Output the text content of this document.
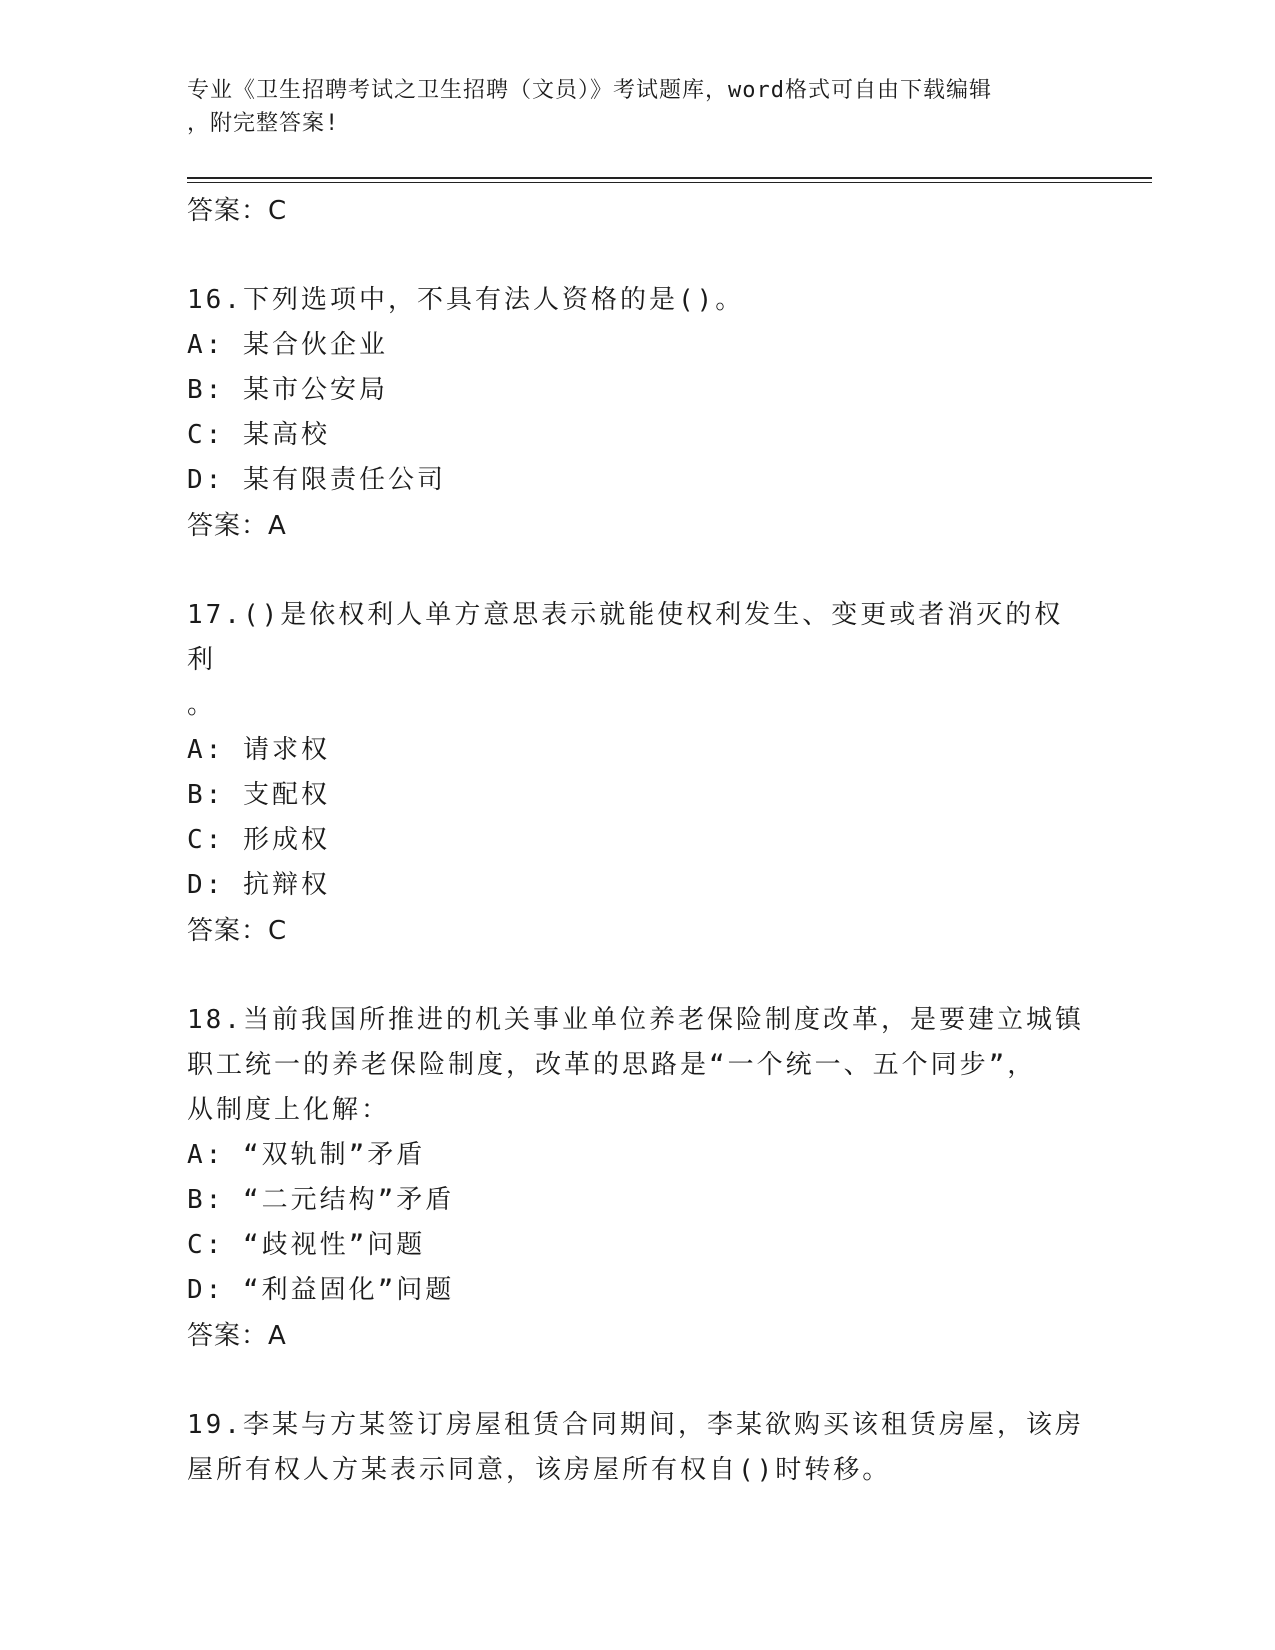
专业《卫生招聘考试之卫生招聘（文员）》考试题库，word格式可自由下载编辑
，附完整答案!
答案：C
16.下列选项中，不具有法人资格的是()。
A: 某合伙企业
B: 某市公安局
C: 某高校
D: 某有限责任公司
答案：A
17.()是依权利人单方意思表示就能使权利发生、变更或者消灭的权利
。
A: 请求权
B: 支配权
C: 形成权
D: 抗辩权
答案：C
18.当前我国所推进的机关事业单位养老保险制度改革，是要建立城镇
职工统一的养老保险制度，改革的思路是“一个统一、五个同步”，
从制度上化解：
A: “双轨制”矛盾
B: “二元结构”矛盾
C: “歧视性”问题
D: “利益固化”问题
答案：A
19.李某与方某签订房屋租赁合同期间，李某欲购买该租赁房屋，该房
屋所有权人方某表示同意，该房屋所有权自()时转移。
